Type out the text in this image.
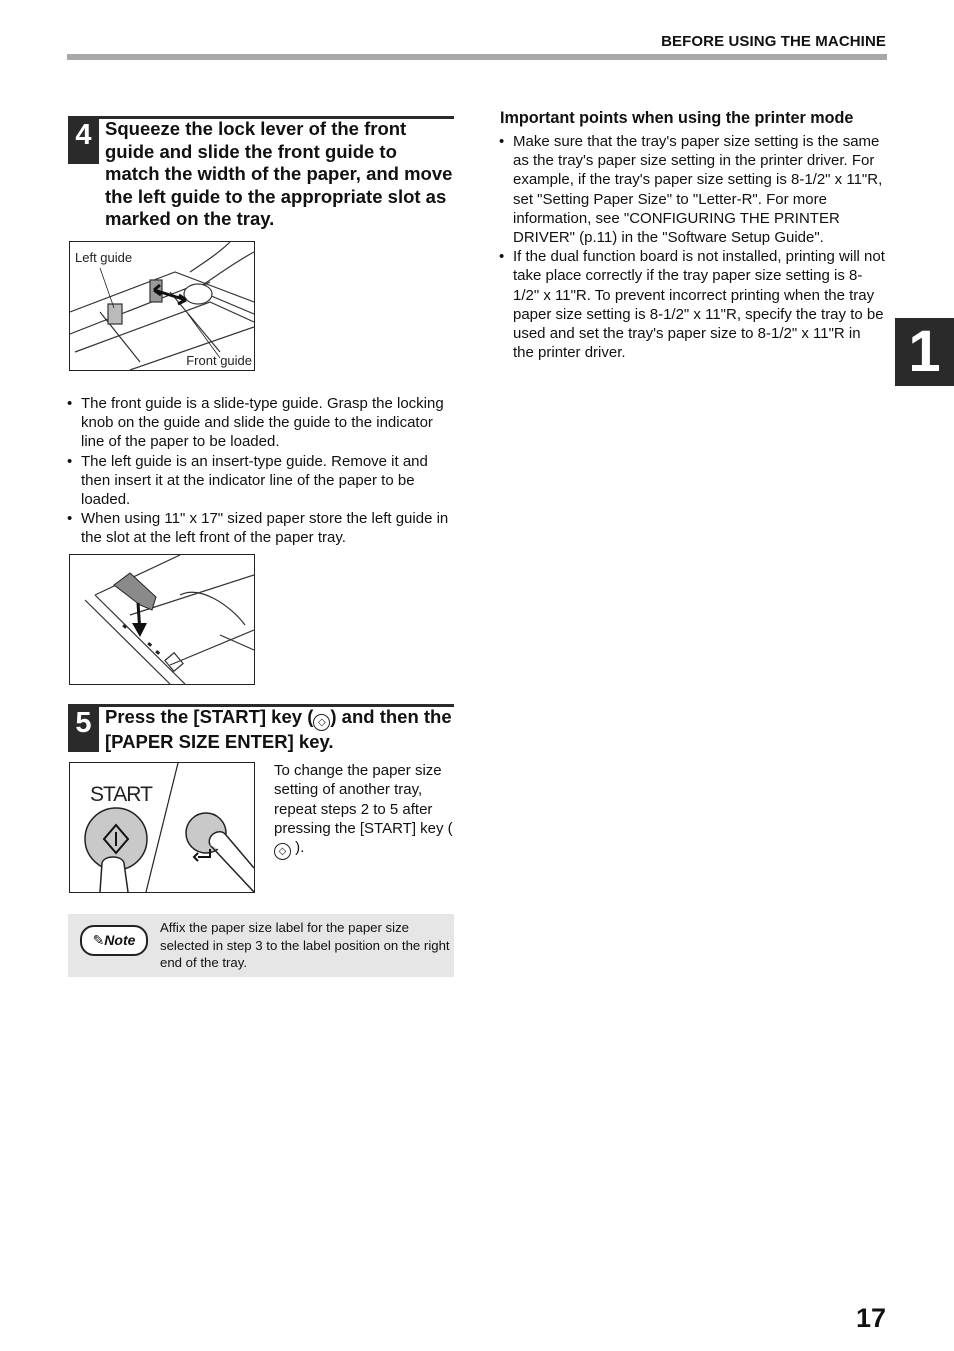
BEFORE USING THE MACHINE
4 Squeeze the lock lever of the front guide and slide the front guide to match the width of the paper, and move the left guide to the appropriate slot as marked on the tray.
Left guide
Front guide
• The front guide is a slide-type guide. Grasp the locking knob on the guide and slide the guide to the indicator line of the paper to be loaded.
• The left guide is an insert-type guide. Remove it and then insert it at the indicator line of the paper to be loaded.
• When using 11" x 17" sized paper store the left guide in the slot at the left front of the paper tray.
5 Press the [START] key ( ◇ ) and then the [PAPER SIZE ENTER] key.
START
To change the paper size setting of another tray, repeat steps 2 to 5 after pressing the [START] key (◇ ).
✎Note
Affix the paper size label for the paper size selected in step 3 to the label position on the right end of the tray.
Important points when using the printer mode
• Make sure that the tray's paper size setting is the same as the tray's paper size setting in the printer driver. For example, if the tray's paper size setting is 8-1/2" x 11"R, set "Setting Paper Size" to "Letter-R". For more information, see "CONFIGURING THE PRINTER DRIVER" (p.11) in the "Software Setup Guide".
• If the dual function board is not installed, printing will not take place correctly if the tray paper size setting is 8-1/2" x 11"R. To prevent incorrect printing when the tray paper size setting is 8-1/2" x 11"R, specify the tray to be used and set the tray's paper size to 8-1/2" x 11"R in the printer driver.	1
17
